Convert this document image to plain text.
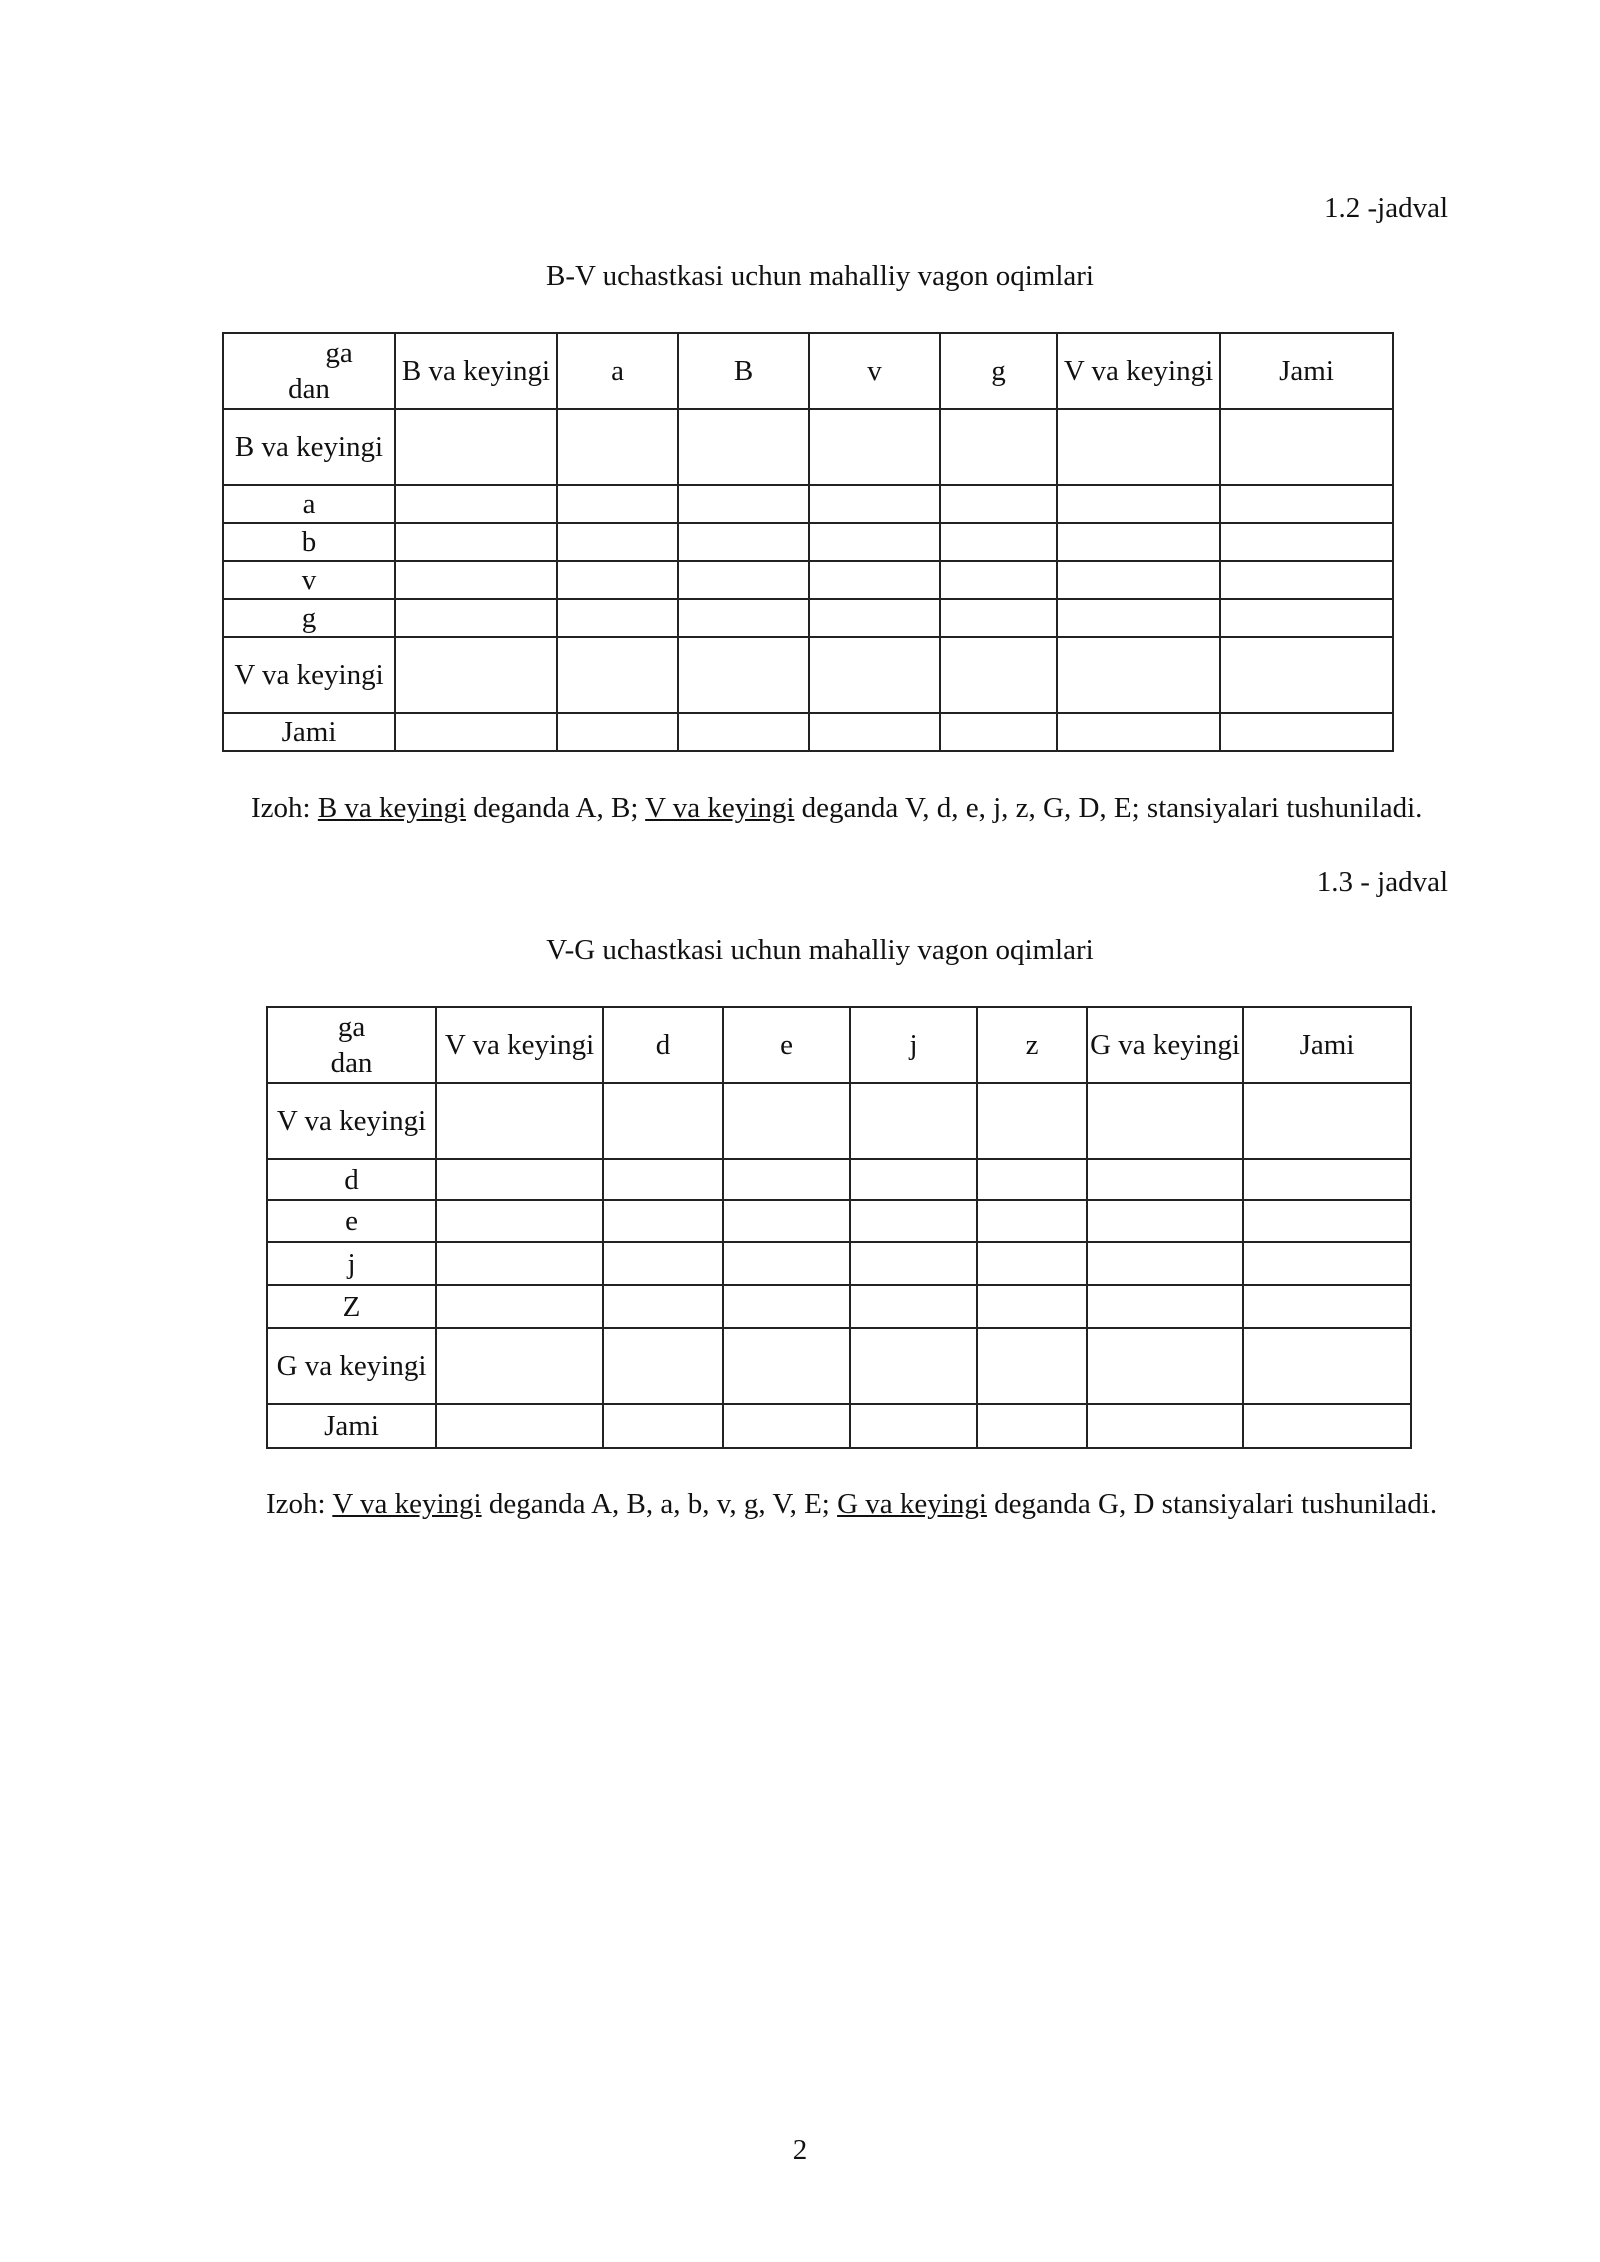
1.2 -jadval
B-V uchastkasi uchun mahalliy vagon oqimlari
ga
dan	B va keyingi	a	B	v	g	V va keyingi	Jami
B va keyingi							
a							
b							
v							
g							
V va keyingi							
Jami							
Izoh: B va keyingi deganda A, B; V va keyingi deganda V, d, e, j, z, G, D, E; stansiyalari tushuniladi.
1.3 - jadval
V-G uchastkasi uchun mahalliy vagon oqimlari
ga
dan	V va keyingi	d	e	j	z	G va keyingi	Jami
V va keyingi							
d							
e							
j							
Z							
G va keyingi							
Jami							
Izoh: V va keyingi deganda A, B, a, b, v, g, V, E; G va keyingi deganda G, D stansiyalari tushuniladi.
2
